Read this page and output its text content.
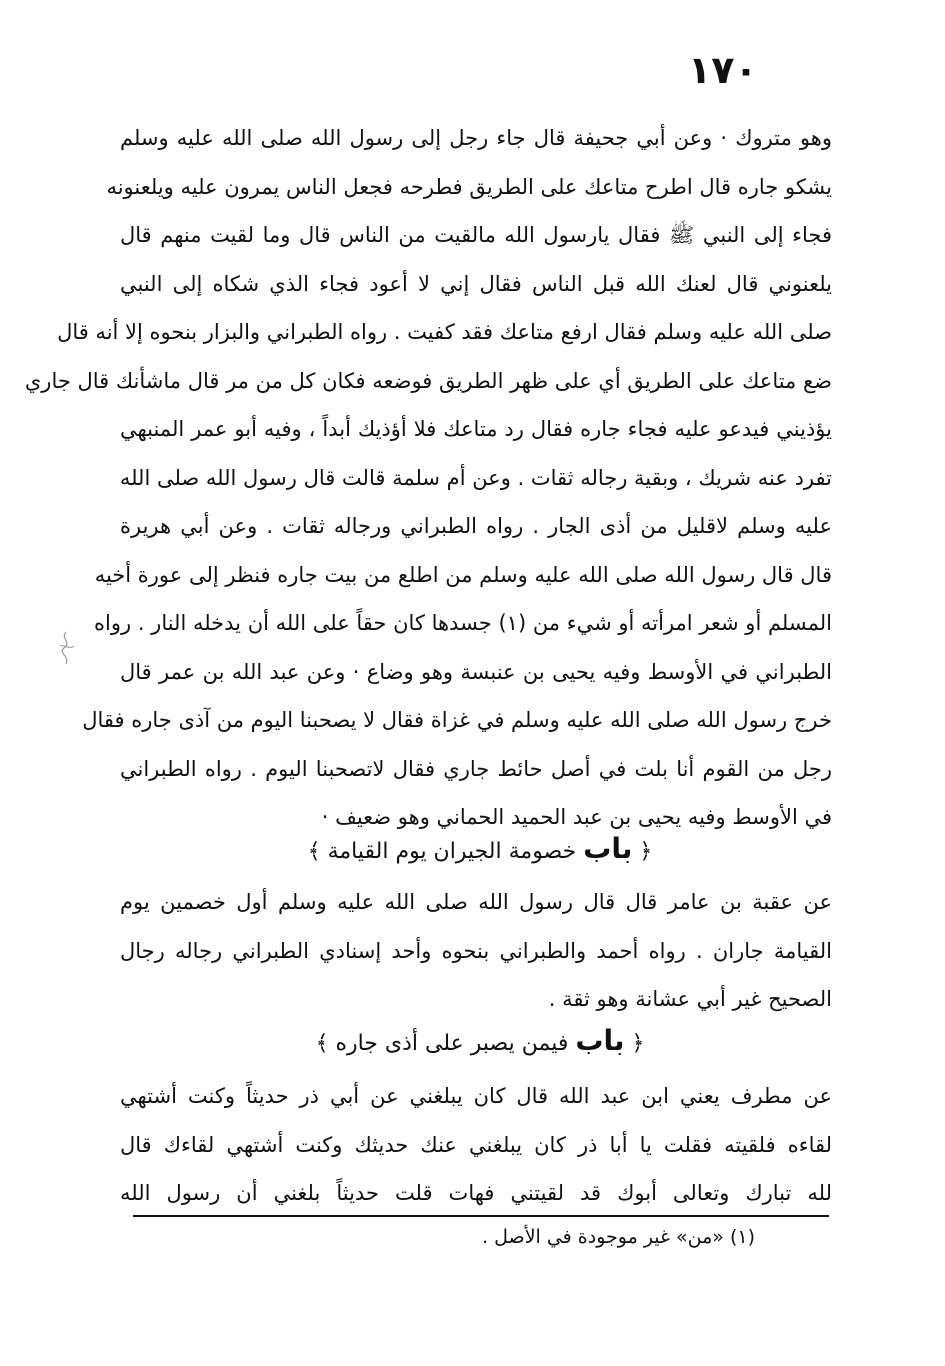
١٧٠
وهو متروك · وعن أبي جحيفة قال جاء رجل إلى رسول الله صلى الله عليه وسلم
يشكو جاره قال اطرح متاعك على الطريق فطرحه فجعل الناس يمرون عليه ويلعنونه
فجاء إلى النبي ﷺ فقال يارسول الله مالقيت من الناس قال وما لقيت منهم قال
يلعنوني قال لعنك الله قبل الناس فقال إني لا أعود فجاء الذي شكاه إلى النبي
صلى الله عليه وسلم فقال ارفع متاعك فقد كفيت . رواه الطبراني والبزار بنحوه إلا أنه قال
ضع متاعك على الطريق أي على ظهر الطريق فوضعه فكان كل من مر قال ماشأنك قال جاري
يؤذيني فيدعو عليه فجاء جاره فقال رد متاعك فلا أؤذيك أبداً ، وفيه أبو عمر المنبهي
تفرد عنه شريك ، وبقية رجاله ثقات . وعن أم سلمة قالت قال رسول الله صلى الله
عليه وسلم لاقليل من أذى الجار . رواه الطبراني ورجاله ثقات . وعن أبي هريرة
قال قال رسول الله صلى الله عليه وسلم من اطلع من بيت جاره فنظر إلى عورة أخيه
المسلم أو شعر امرأته أو شيء من (١) جسدها كان حقاً على الله أن يدخله النار . رواه
الطبراني في الأوسط وفيه يحيى بن عنبسة وهو وضاع · وعن عبد الله بن عمر قال
خرج رسول الله صلى الله عليه وسلم في غزاة فقال لا يصحبنا اليوم من آذى جاره فقال
رجل من القوم أنا بلت في أصل حائط جاري فقال لاتصحبنا اليوم . رواه الطبراني
في الأوسط وفيه يحيى بن عبد الحميد الحماني وهو ضعيف ·
﴿ باب خصومة الجيران يوم القيامة ﴾
عن عقبة بن عامر قال قال رسول الله صلى الله عليه وسلم أول خصمين يوم
القيامة جاران . رواه أحمد والطبراني بنحوه وأحد إسنادي الطبراني رجاله رجال
الصحيح غير أبي عشانة وهو ثقة .
﴿ باب فيمن يصبر على أذى جاره ﴾
عن مطرف يعني ابن عبد الله قال كان يبلغني عن أبي ذر حديثاً وكنت أشتهي
لقاءه فلقيته فقلت يا أبا ذر كان يبلغني عنك حديثك وكنت أشتهي لقاءك قال
لله تبارك وتعالى أبوك قد لقيتني فهات قلت حديثاً بلغني أن رسول الله
(١) «من» غير موجودة في الأصل .
